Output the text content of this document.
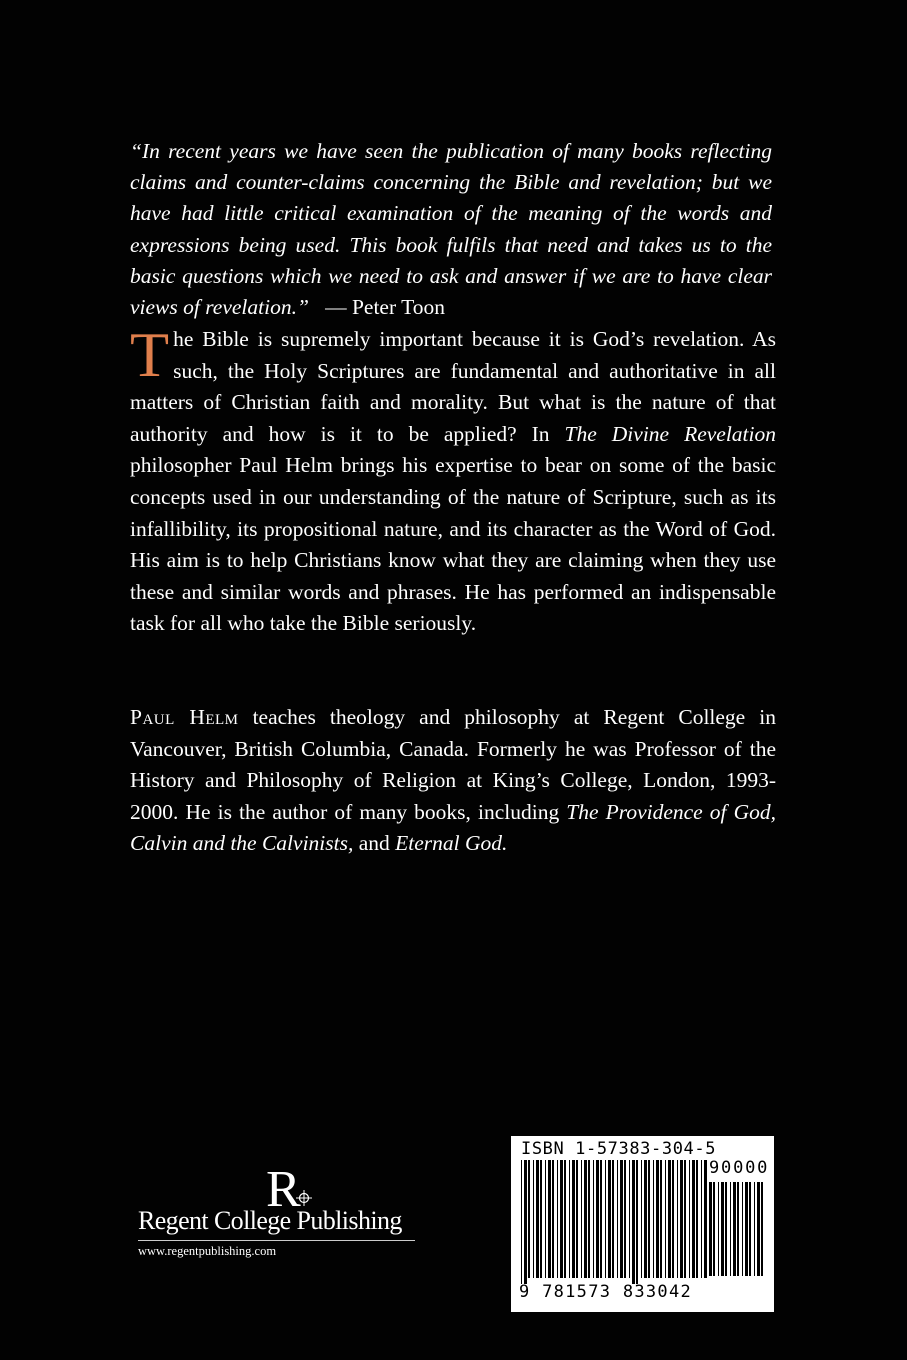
“In recent years we have seen the publication of many books reflecting claims and counter-claims concerning the Bible and revelation; but we have had little critical examination of the meaning of the words and expressions being used. This book fulfils that need and takes us to the basic questions which we need to ask and answer if we are to have clear views of revelation.” — Peter Toon

The Bible is supremely important because it is God’s revelation. As such, the Holy Scriptures are fundamental and authoritative in all matters of Christian faith and morality. But what is the nature of that authority and how is it to be applied? In The Divine Revelation philosopher Paul Helm brings his expertise to bear on some of the basic concepts used in our understanding of the nature of Scripture, such as its infallibility, its propositional nature, and its character as the Word of God. His aim is to help Christians know what they are claiming when they use these and similar words and phrases. He has performed an indispensable task for all who take the Bible seriously.

Paul Helm teaches theology and philosophy at Regent College in Vancouver, British Columbia, Canada. Formerly he was Professor of the History and Philosophy of Religion at King’s College, London, 1993-2000. He is the author of many books, including The Providence of God, Calvin and the Calvinists, and Eternal God.

R
Regent College Publishing
www.regentpublishing.com
ISBN 1-57383-304-5
90000
9 781573 833042
